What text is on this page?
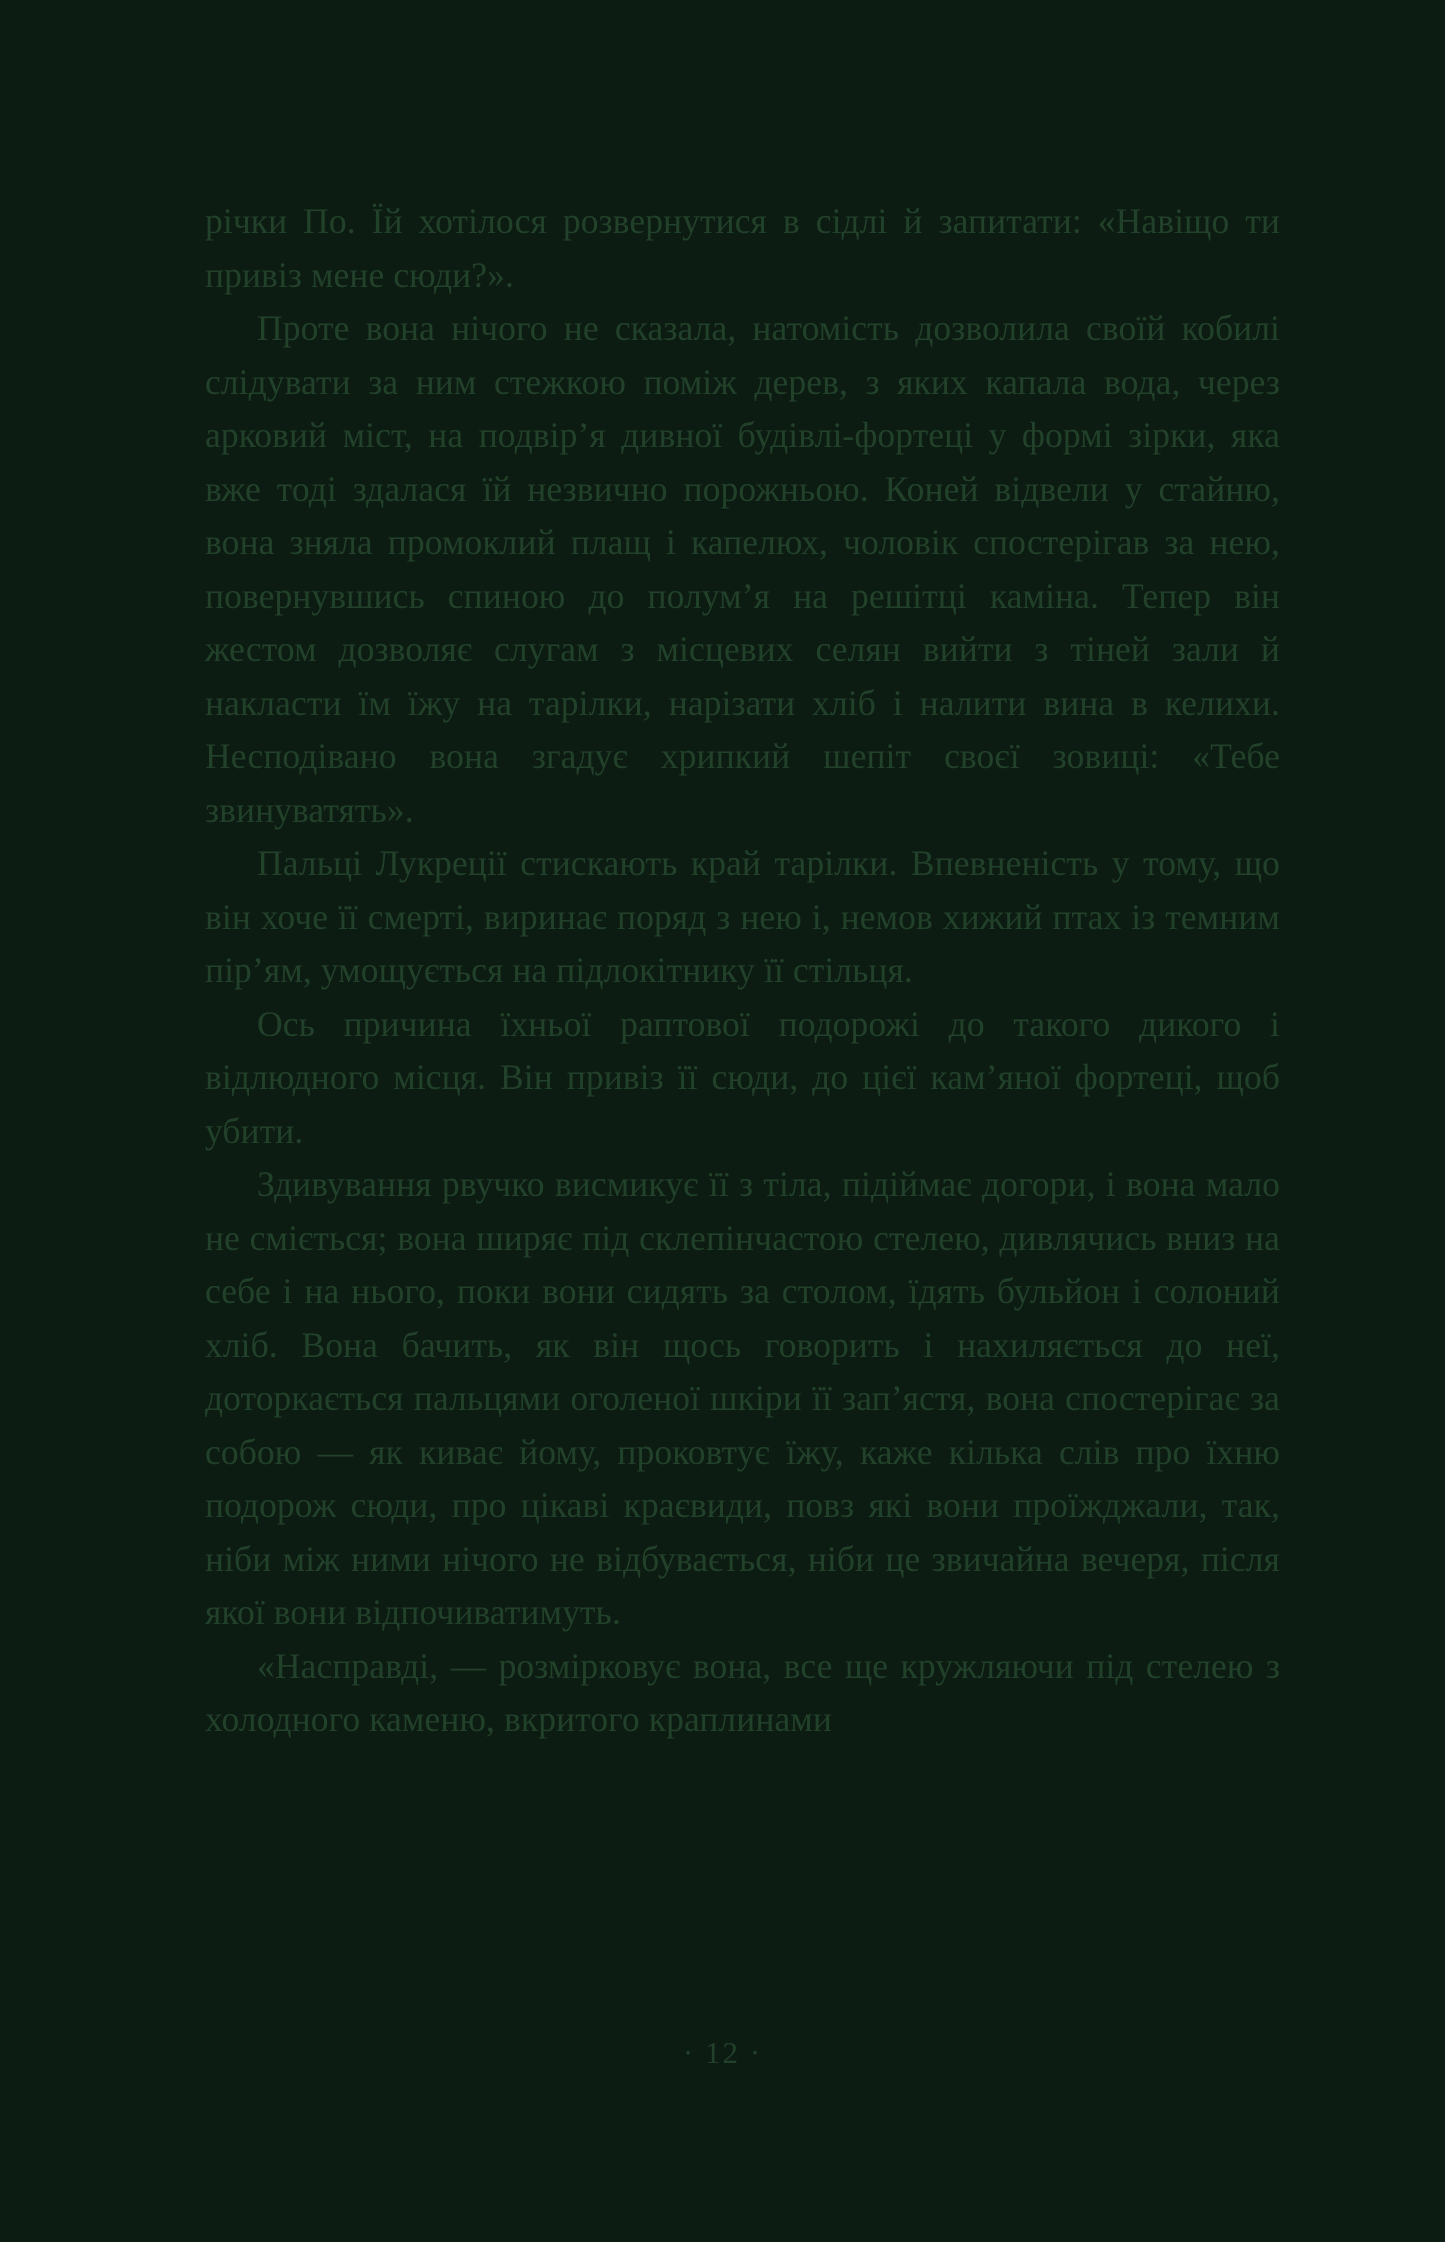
річки По. Їй хотілося розвернутися в сідлі й запитати: «Навіщо ти привіз мене сюди?».

Проте вона нічого не сказала, натомість дозволила своїй кобилі слідувати за ним стежкою поміж дерев, з яких капала вода, через арковий міст, на подвір’я дивної будівлі-фортеці у формі зірки, яка вже тоді здалася їй незвично порожньою. Коней відвели у стайню, вона зняла промоклий плащ і капелюх, чоловік спостерігав за нею, повернувшись спиною до полум’я на решітці каміна. Тепер він жестом дозволяє слугам з місцевих селян вийти з тіней зали й накласти їм їжу на тарілки, нарізати хліб і налити вина в келихи. Несподівано вона згадує хрипкий шепіт своєї зовиці: «Тебе звинуватять».

Пальці Лукреції стискають край тарілки. Впевненість у тому, що він хоче її смерті, виринає поряд з нею і, немов хижий птах із темним пір’ям, умощується на підлокітнику її стільця.

Ось причина їхньої раптової подорожі до такого дикого і відлюдного місця. Він привіз її сюди, до цієї кам’яної фортеці, щоб убити.

Здивування рвучко висмикує її з тіла, підіймає догори, і вона мало не сміється; вона ширяє під склепінчастою стелею, дивлячись вниз на себе і на нього, поки вони сидять за столом, їдять бульйон і солоний хліб. Вона бачить, як він щось говорить і нахиляється до неї, доторкається пальцями оголеної шкіри її зап’ястя, вона спостерігає за собою — як киває йому, проковтує їжу, каже кілька слів про їхню подорож сюди, про цікаві краєвиди, повз які вони проїжджали, так, ніби між ними нічого не відбувається, ніби це звичайна вечеря, після якої вони відпочиватимуть.

«Насправді, — розмірковує вона, все ще кружляючи під стелею з холодного каменю, вкритого краплинами

· 12 ·
